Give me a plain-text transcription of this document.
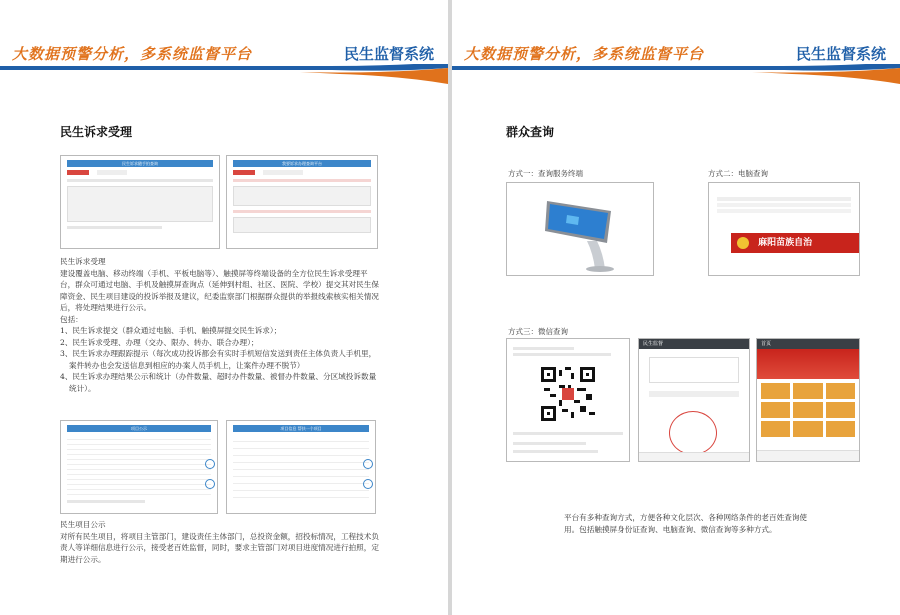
大数据预警分析，多系统监督平台	民生监督系统
民生诉求受理
民生诉求随手拍查询
	我要诉求办理查询平台

民生诉求受理
建设覆盖电脑、移动终端（手机、平板电脑等）、触摸屏等终端设备的全方位民生诉求受理平台，群众可通过电脑、手机及触摸屏查询点（延伸到村组、社区、医院、学校）提交其对民生保障资金、民生项目建设的投诉举报及建议，纪委监察部门根据群众提供的举报线索核实相关情况后，将处理结果进行公示。
包括：
1、民生诉求提交（群众通过电脑、手机、触摸屏提交民生诉求）；
2、民生诉求受理、办理（交办、限办、转办、联合办理）；
3、民生诉求办理跟踪提示（每次成功投诉都会有实时手机短信发送到责任主体负责人手机里，案件转办也会发送信息到相应的办案人员手机上，让案件办理不脱节）
4、民生诉求办理结果公示和统计（办件数量、超时办件数量、被督办件数量、分区域投诉数量统计）。
项目公示	项目信息 帮扶一个项目
民生项目公示
对所有民生项目，将项目主管部门，建设责任主体部门，总投资金额，招投标情况，工程技术负责人等详细信息进行公示，接受老百姓监督，同时，要求主管部门对项目进度情况进行拍照，定期进行公示。
大数据预警分析，多系统监督平台	民生监督系统
群众查询
方式一：查询服务终端	方式二：电脑查询
$^{麻阳苗族自治}$
方式三：微信查询
民生监督	首页
平台有多种查询方式，方便各种文化层次、各种网络条件的老百姓查询使用。包括触摸屏身份证查询、电脑查询、微信查询等多种方式。
